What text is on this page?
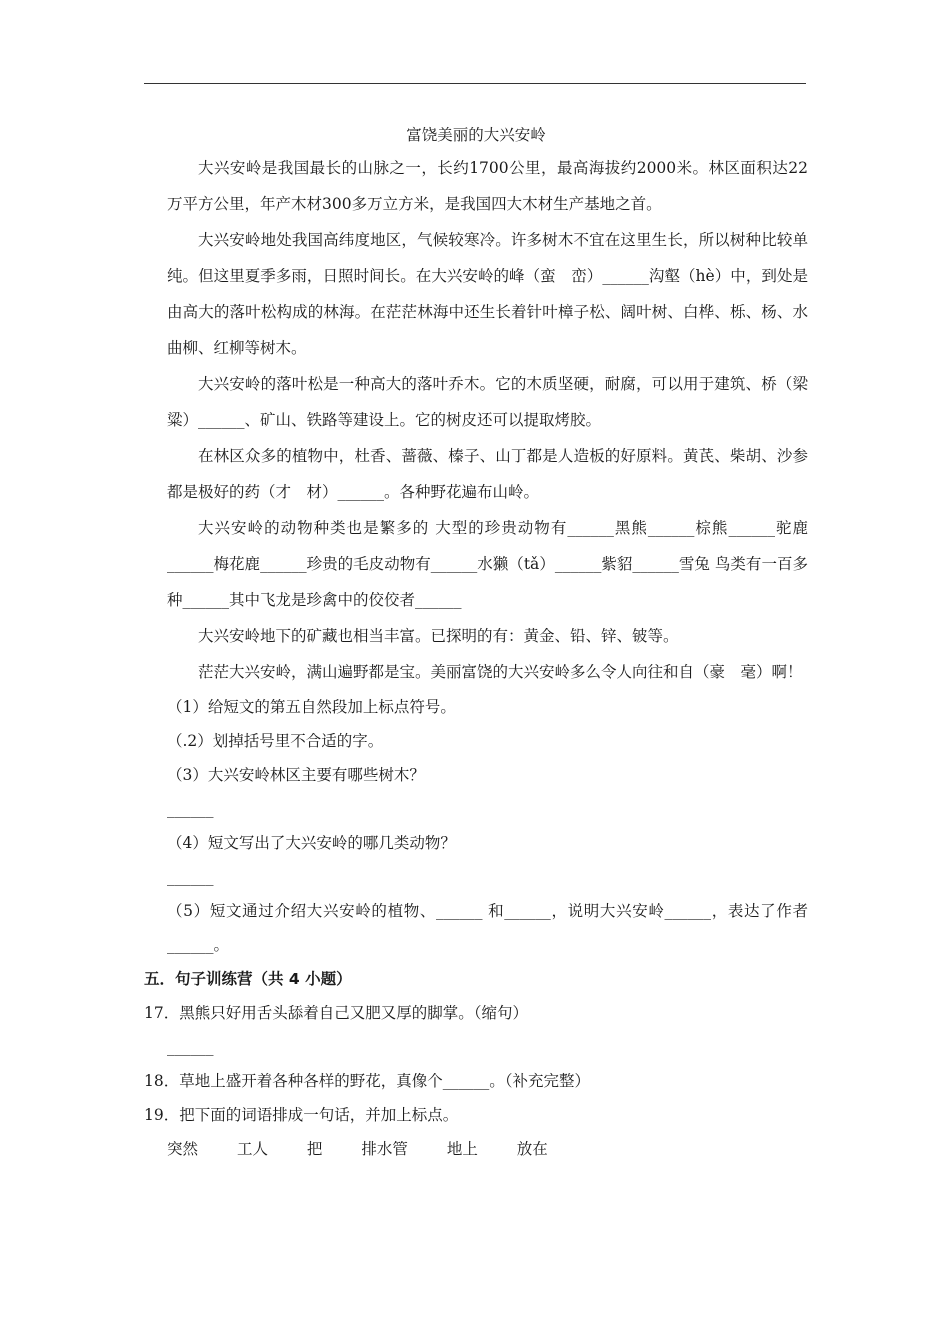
富饶美丽的大兴安岭
大兴安岭是我国最长的山脉之一，长约1700公里，最高海拔约2000米。林区面积达22万平方公里，年产木材300多万立方米，是我国四大木材生产基地之首。
大兴安岭地处我国高纬度地区，气候较寒冷。许多树木不宜在这里生长，所以树种比较单纯。但这里夏季多雨，日照时间长。在大兴安岭的峰（蛮　峦）______沟壑（hè）中，到处是由高大的落叶松构成的林海。在茫茫林海中还生长着针叶樟子松、阔叶树、白桦、栎、杨、水曲柳、红柳等树木。
大兴安岭的落叶松是一种高大的落叶乔木。它的木质坚硬，耐腐，可以用于建筑、桥（梁　粱）______、矿山、铁路等建设上。它的树皮还可以提取烤胶。
在林区众多的植物中，杜香、蔷薇、榛子、山丁都是人造板的好原料。黄芪、柴胡、沙参都是极好的药（才　材）______。各种野花遍布山岭。
大兴安岭的动物种类也是繁多的 大型的珍贵动物有______黑熊______棕熊______驼鹿______梅花鹿______珍贵的毛皮动物有______水獭（tǎ）______紫貂______雪兔 鸟类有一百多种______其中飞龙是珍禽中的佼佼者______
大兴安岭地下的矿藏也相当丰富。已探明的有：黄金、铅、锌、铍等。
茫茫大兴安岭，满山遍野都是宝。美丽富饶的大兴安岭多么令人向往和自（豪　毫）啊！
（1）给短文的第五自然段加上标点符号。
（.2）划掉括号里不合适的字。
（3）大兴安岭林区主要有哪些树木？
______
（4）短文写出了大兴安岭的哪几类动物？
______
（5）短文通过介绍大兴安岭的植物、______ 和______，说明大兴安岭______，表达了作者______。
五．句子训练营（共 4 小题）
17．黑熊只好用舌头舔着自己又肥又厚的脚掌。（缩句）
______
18．草地上盛开着各种各样的野花，真像个______。（补充完整）
19．把下面的词语排成一句话，并加上标点。
突然	工人	把	排水管	地上	放在
